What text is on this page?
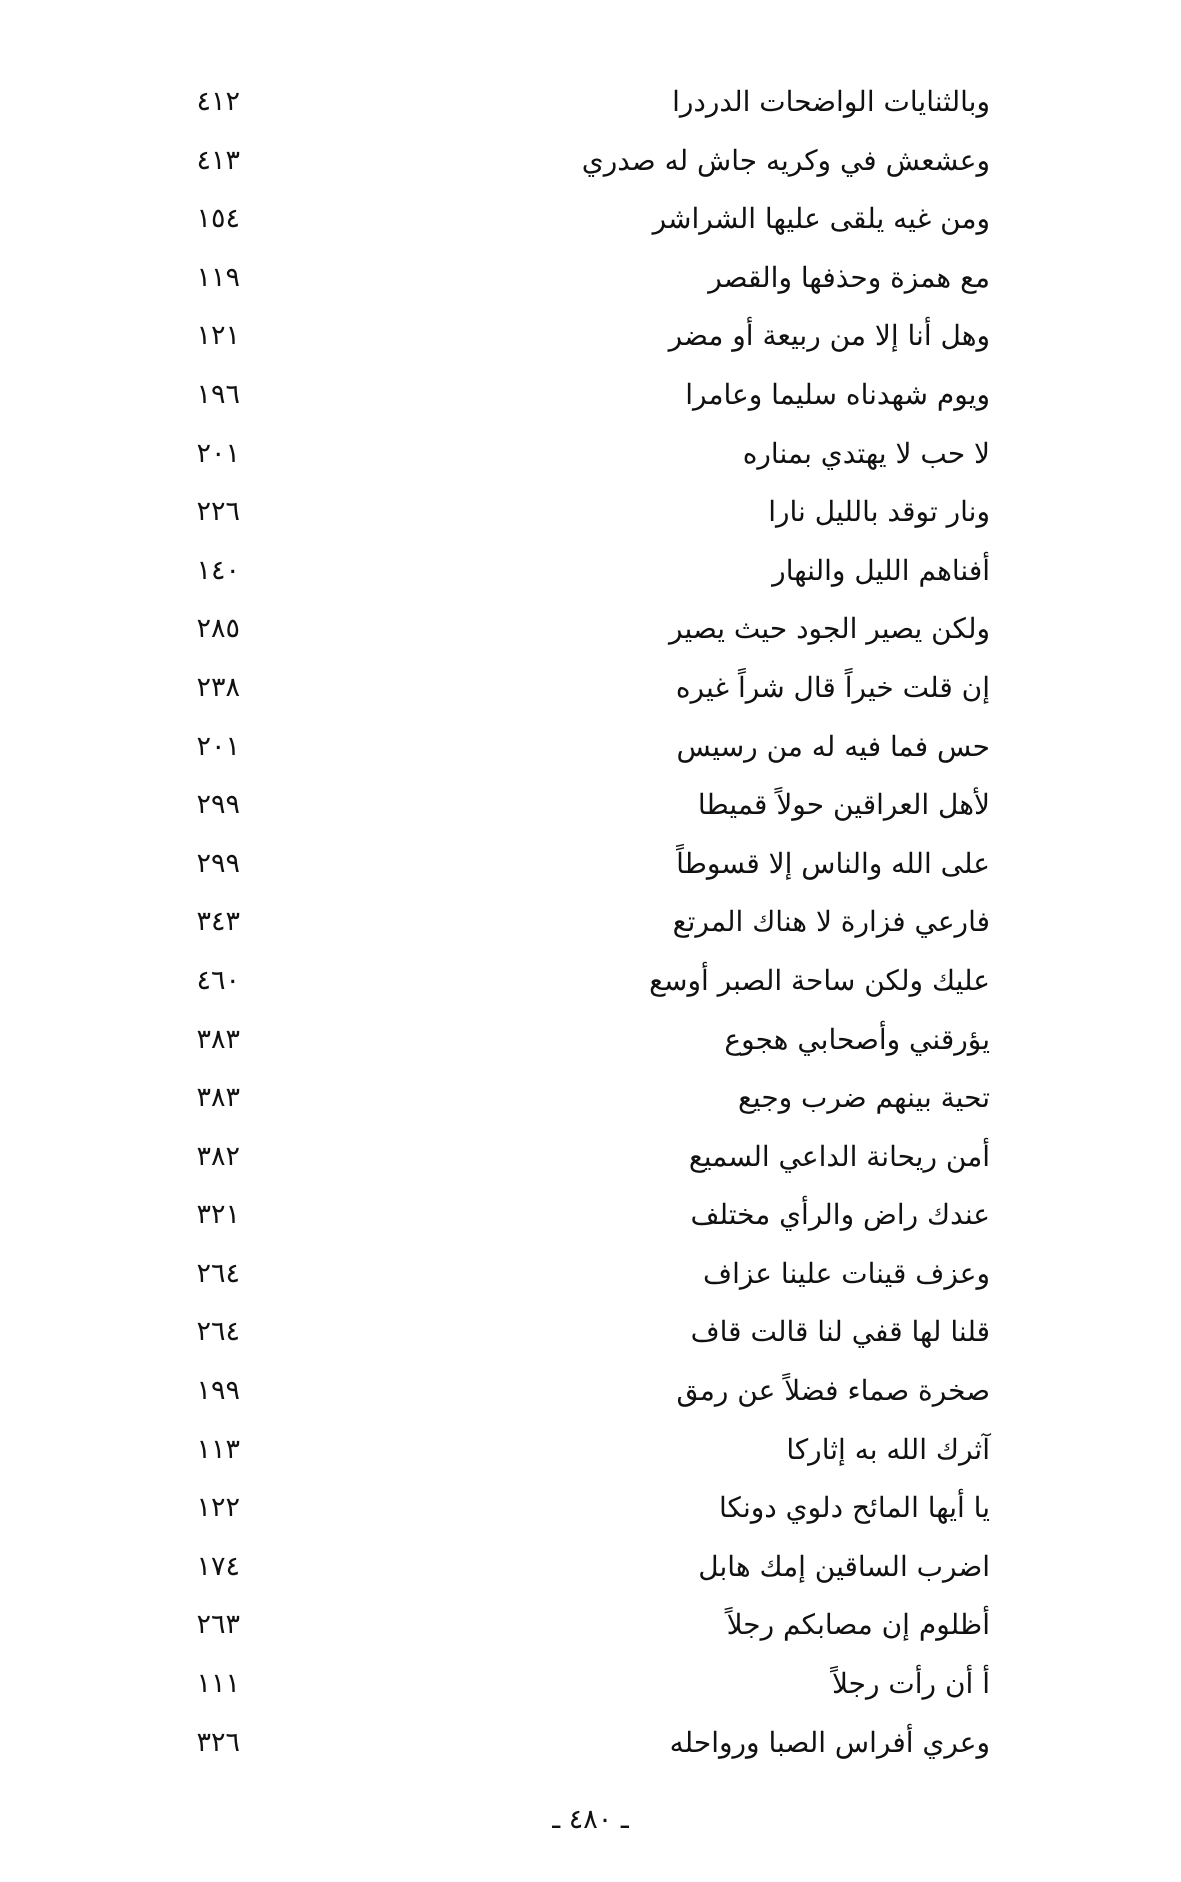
وبالثنايات الواضحات الدردرا
٤١٢
وعشعش في وكريه جاش له صدري
٤١٣
ومن غيه يلقى عليها الشراشر
١٥٤
مع همزة وحذفها والقصر
١١٩
وهل أنا إلا من ربيعة أو مضر
١٢١
ويوم شهدناه سليما وعامرا
١٩٦
لا حب لا يهتدي بمناره
٢٠١
ونار توقد بالليل نارا
٢٢٦
أفناهم الليل والنهار
١٤٠
ولكن يصير الجود حيث يصير
٢٨٥
إن قلت خيراً قال شراً غيره
٢٣٨
حس فما فيه له من رسيس
٢٠١
لأهل العراقين حولاً قميطا
٢٩٩
على الله والناس إلا قسوطاً
٢٩٩
فارعي فزارة لا هناك المرتع
٣٤٣
عليك ولكن ساحة الصبر أوسع
٤٦٠
يؤرقني وأصحابي هجوع
٣٨٣
تحية بينهم ضرب وجيع
٣٨٣
أمن ريحانة الداعي السميع
٣٨٢
عندك راض والرأي مختلف
٣٢١
وعزف قينات علينا عزاف
٢٦٤
قلنا لها قفي لنا قالت قاف
٢٦٤
صخرة صماء فضلاً عن رمق
١٩٩
آثرك الله به إثاركا
١١٣
يا أيها المائح دلوي دونكا
١٢٢
اضرب الساقين إمك هابل
١٧٤
أظلوم إن مصابكم رجلاً
٢٦٣
أ أن رأت رجلاً
١١١
وعري أفراس الصبا ورواحله
٣٢٦
ـ ٤٨٠ ـ
